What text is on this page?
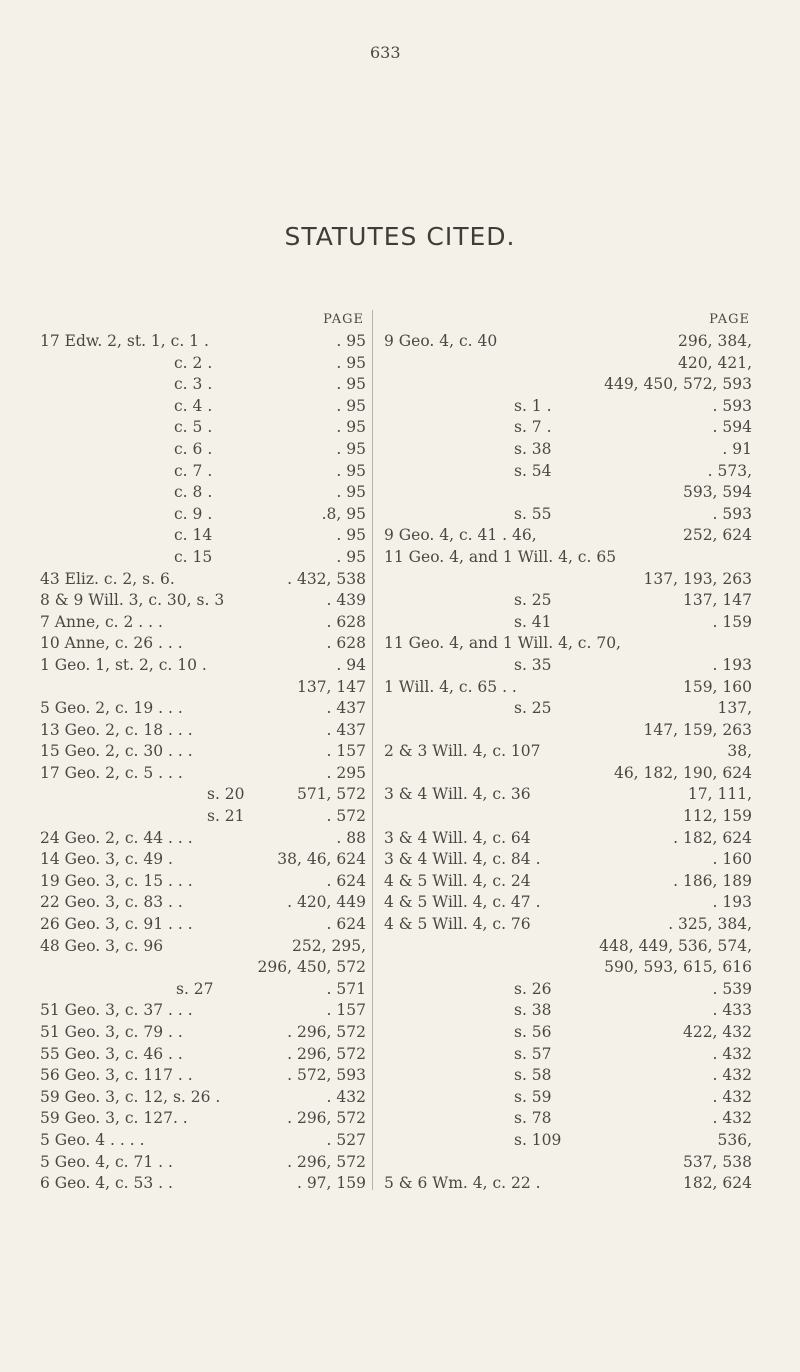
633
STATUTES CITED.
PAGE
17 Edw. 2, st. 1, c. 1 .	. 95
c. 2 .	. 95
c. 3 .	. 95
c. 4 .	. 95
c. 5 .	. 95
c. 6 .	. 95
c. 7 .	. 95
c. 8 .	. 95
c. 9 .	.8, 95
c. 14	. 95
c. 15	. 95
43 Eliz. c. 2, s. 6.	. 432, 538
8 & 9 Will. 3, c. 30, s. 3	. 439
7 Anne, c. 2 . . .	. 628
10 Anne, c. 26 . . .	. 628
1 Geo. 1, st. 2, c. 10 .	. 94
137, 147
5 Geo. 2, c. 19 . . .	. 437
13 Geo. 2, c. 18 . . .	. 437
15 Geo. 2, c. 30 . . .	. 157
17 Geo. 2, c. 5 . . .	. 295
s. 20	571, 572
s. 21	. 572
24 Geo. 2, c. 44 . . .	. 88
14 Geo. 3, c. 49 .	38, 46, 624
19 Geo. 3, c. 15 . . .	. 624
22 Geo. 3, c. 83 . .	. 420, 449
26 Geo. 3, c. 91 . . .	. 624
48 Geo. 3, c. 96	252, 295,
296, 450, 572
s. 27	. 571
51 Geo. 3, c. 37 . . .	. 157
51 Geo. 3, c. 79 . .	. 296, 572
55 Geo. 3, c. 46 . .	. 296, 572
56 Geo. 3, c. 117 . .	. 572, 593
59 Geo. 3, c. 12, s. 26 .	. 432
59 Geo. 3, c. 127. .	. 296, 572
5 Geo. 4 . . . .	. 527
5 Geo. 4, c. 71 . .	. 296, 572
6 Geo. 4, c. 53 . .	. 97, 159
PAGE
9 Geo. 4, c. 40	296, 384,
420, 421,
449, 450, 572, 593
s. 1 .	. 593
s. 7 .	. 594
s. 38	. 91
s. 54	. 573,
593, 594
s. 55	. 593
9 Geo. 4, c. 41 . 46,	252, 624
11 Geo. 4, and 1 Will. 4, c. 65
137, 193, 263
s. 25	137, 147
s. 41	. 159
11 Geo. 4, and 1 Will. 4, c. 70,
s. 35	. 193
1 Will. 4, c. 65 . .	159, 160
s. 25	137,
147, 159, 263
2 & 3 Will. 4, c. 107	38,
46, 182, 190, 624
3 & 4 Will. 4, c. 36	17, 111,
112, 159
3 & 4 Will. 4, c. 64	. 182, 624
3 & 4 Will. 4, c. 84 .	. 160
4 & 5 Will. 4, c. 24	. 186, 189
4 & 5 Will. 4, c. 47 .	. 193
4 & 5 Will. 4, c. 76	. 325, 384,
448, 449, 536, 574,
590, 593, 615, 616
s. 26	. 539
s. 38	. 433
s. 56	422, 432
s. 57	. 432
s. 58	. 432
s. 59	. 432
s. 78	. 432
s. 109	536,
537, 538
5 & 6 Wm. 4, c. 22 .	182, 624
